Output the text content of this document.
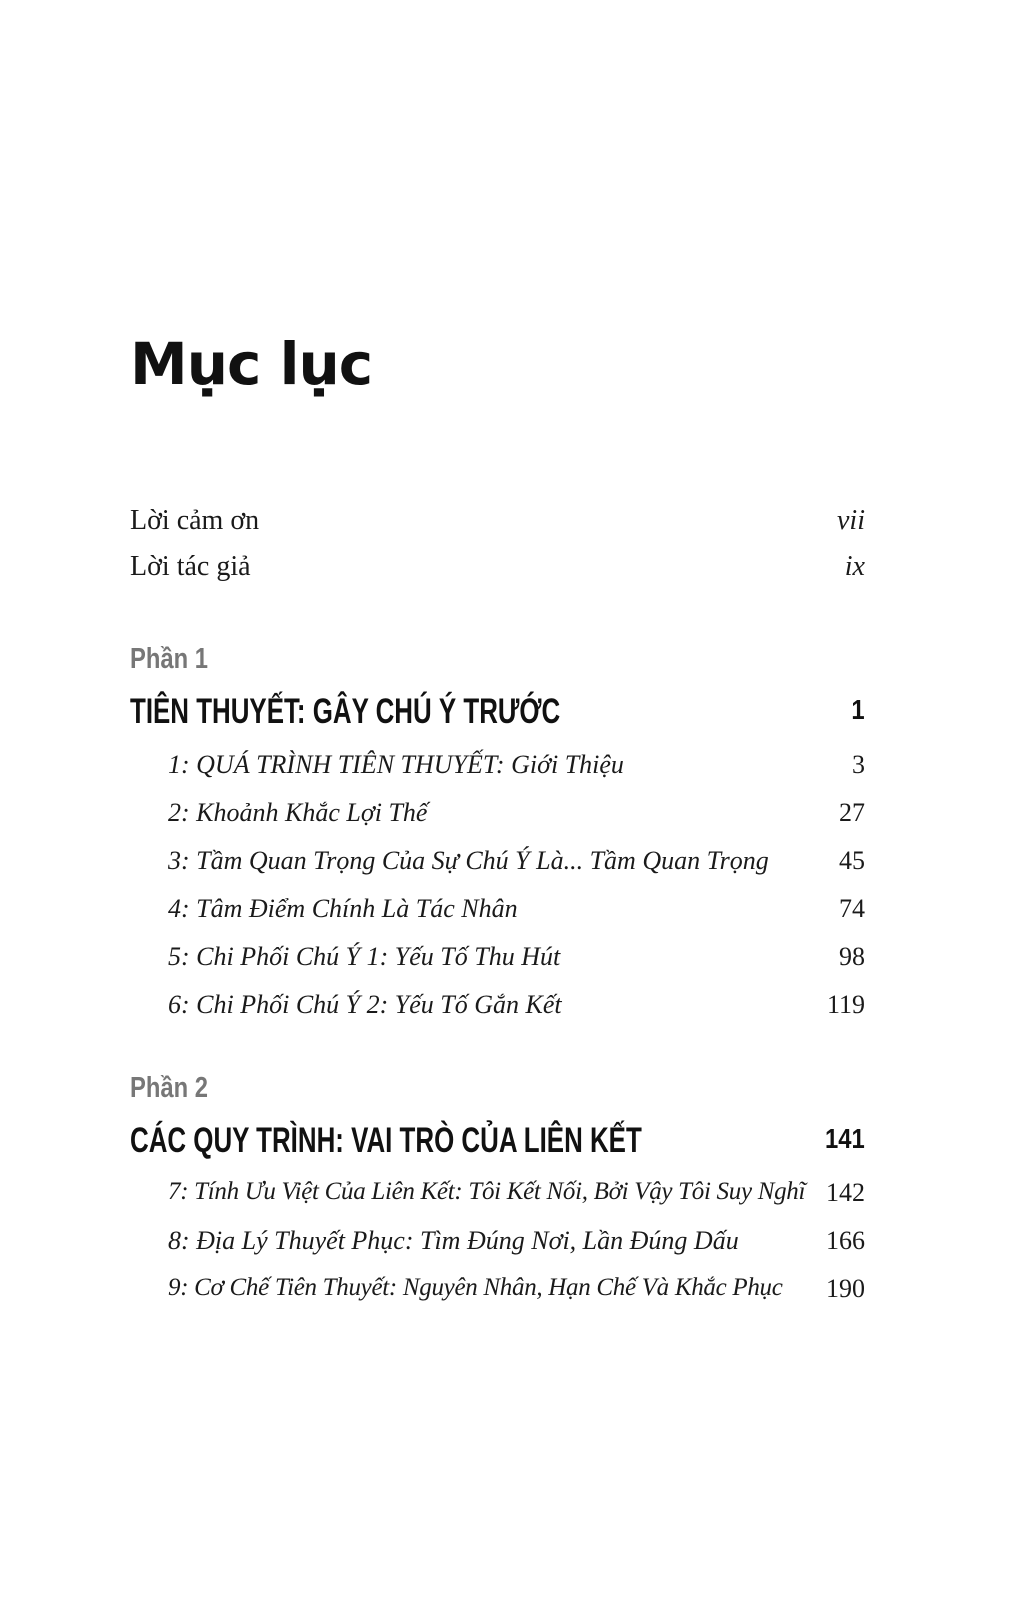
Mục lục
Lời cảm ơn	vii
Lời tác giả	ix
Phần 1
TIÊN THUYẾT: GÂY CHÚ Ý TRƯỚC	1
1: QUÁ TRÌNH TIÊN THUYẾT: Giới Thiệu	3
2: Khoảnh Khắc Lợi Thế	27
3: Tầm Quan Trọng Của Sự Chú Ý Là... Tầm Quan Trọng	45
4: Tâm Điểm Chính Là Tác Nhân	74
5: Chi Phối Chú Ý 1: Yếu Tố Thu Hút	98
6: Chi Phối Chú Ý 2: Yếu Tố Gắn Kết	119
Phần 2
CÁC QUY TRÌNH: VAI TRÒ CỦA LIÊN KẾT	141
7: Tính Ưu Việt Của Liên Kết: Tôi Kết Nối, Bởi Vậy Tôi Suy Nghĩ 142
8: Địa Lý Thuyết Phục: Tìm Đúng Nơi, Lần Đúng Dấu	166
9: Cơ Chế Tiên Thuyết: Nguyên Nhân, Hạn Chế Và Khắc Phục 190
